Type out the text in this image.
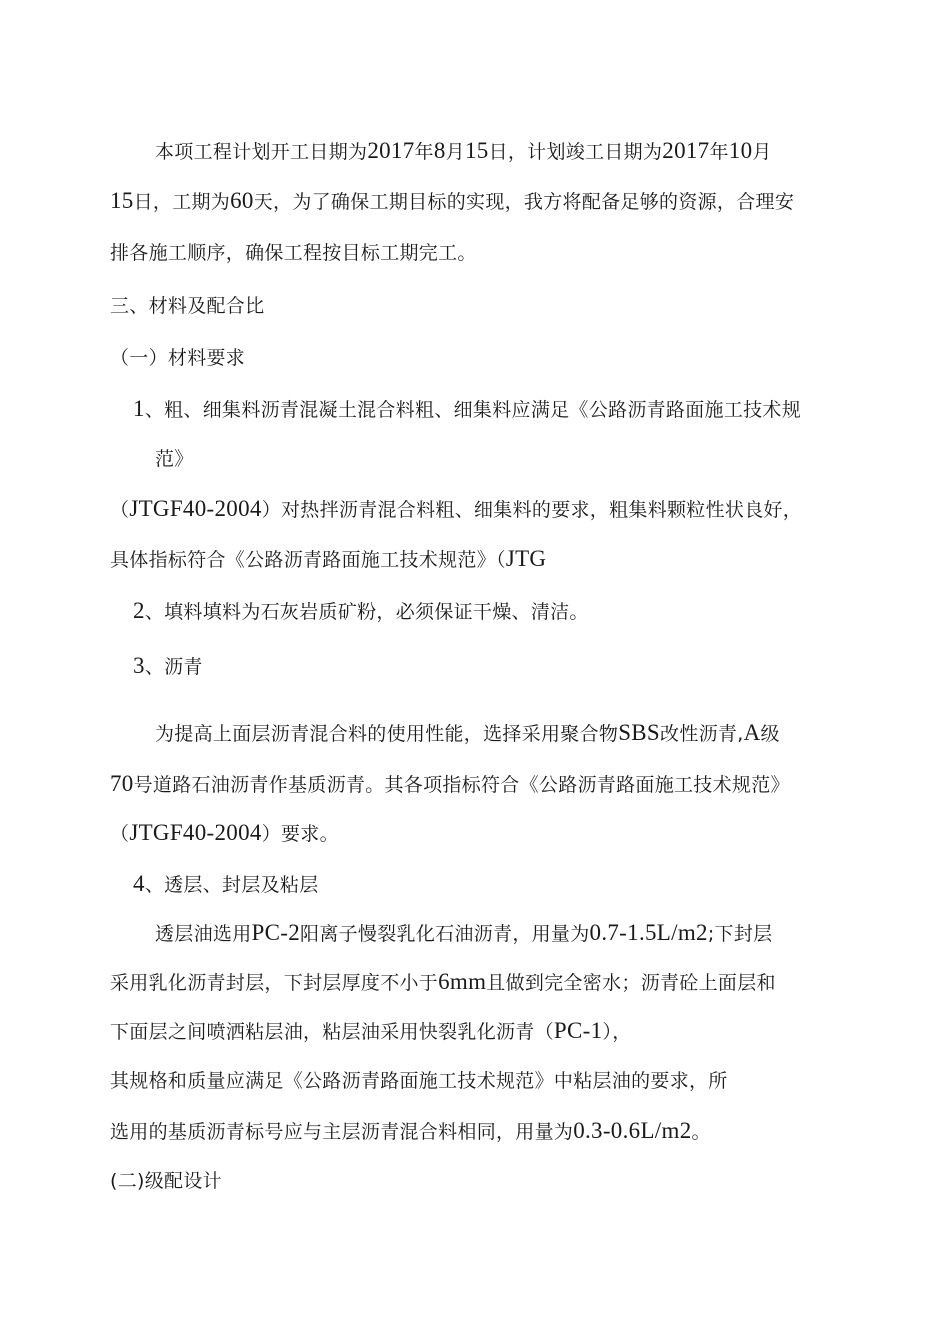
本项工程计划开工日期为2017年8月15日，计划竣工日期为2017年10月
15日，工期为60天，为了确保工期目标的实现，我方将配备足够的资源，合理安
排各施工顺序，确保工程按目标工期完工。
三、材料及配合比
（一）材料要求
1、粗、细集料沥青混凝土混合料粗、细集料应满足《公路沥青路面施工技术规
范》
（JTGF40-2004）对热拌沥青混合料粗、细集料的要求，粗集料颗粒性状良好，
具体指标符合《公路沥青路面施工技术规范》（JTG
2、填料填料为石灰岩质矿粉，必须保证干燥、清洁。
3、沥青
为提高上面层沥青混合料的使用性能，选择采用聚合物SBS改性沥青,A级
70号道路石油沥青作基质沥青。其各项指标符合《公路沥青路面施工技术规范》
（JTGF40-2004）要求。
4、透层、封层及粘层
透层油选用PC-2阳离子慢裂乳化石油沥青，用量为0.7-1.5L/m2;下封层
采用乳化沥青封层，下封层厚度不小于6mm且做到完全密水；沥青砼上面层和
下面层之间喷洒粘层油，粘层油采用快裂乳化沥青（PC-1），
其规格和质量应满足《公路沥青路面施工技术规范》中粘层油的要求，所
选用的基质沥青标号应与主层沥青混合料相同，用量为0.3-0.6L/m2。
(二)级配设计
